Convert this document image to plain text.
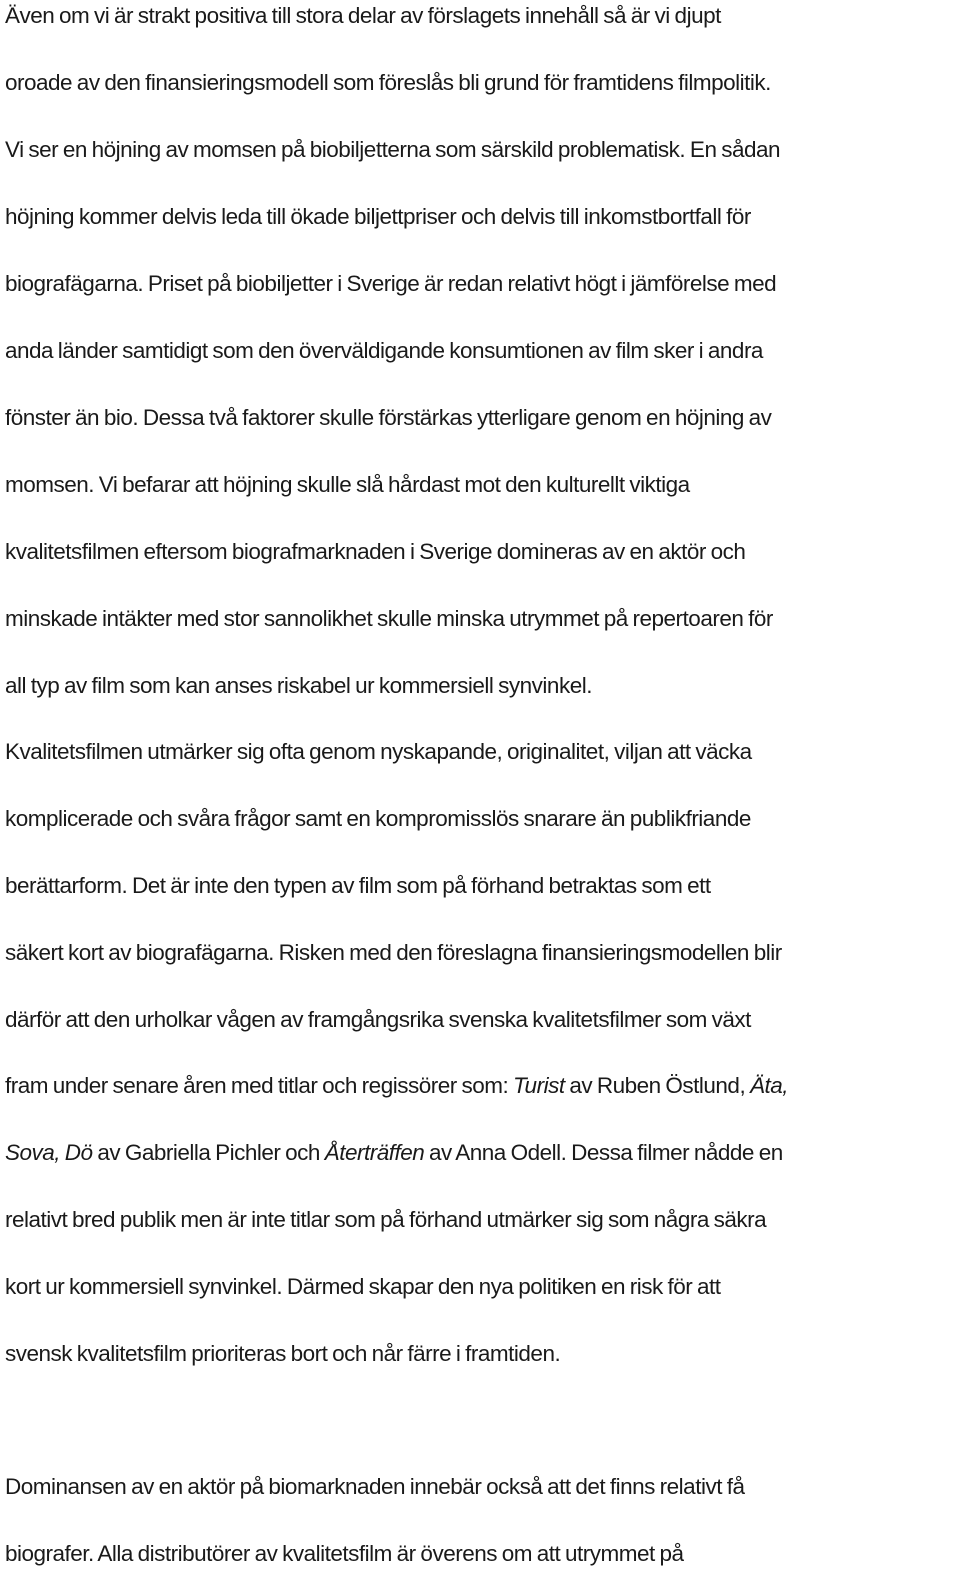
Även om vi är strakt positiva till stora delar av förslagets innehåll så är vi djupt
oroade av den finansieringsmodell som föreslås bli grund för framtidens filmpolitik.
Vi ser en höjning av momsen på biobiljetterna som särskild problematisk. En sådan
höjning kommer delvis leda till ökade biljettpriser och delvis till inkomstbortfall för
biografägarna. Priset på biobiljetter i Sverige är redan relativt högt i jämförelse med
anda länder samtidigt som den överväldigande konsumtionen av film sker i andra
fönster än bio. Dessa två faktorer skulle förstärkas ytterligare genom en höjning av
momsen. Vi befarar att höjning skulle slå hårdast mot den kulturellt viktiga
kvalitetsfilmen eftersom biografmarknaden i Sverige domineras av en aktör och
minskade intäkter med stor sannolikhet skulle minska utrymmet på repertoaren för
all typ av film som kan anses riskabel ur kommersiell synvinkel.
Kvalitetsfilmen utmärker sig ofta genom nyskapande, originalitet, viljan att väcka
komplicerade och svåra frågor samt en kompromisslös snarare än publikfriande
berättarform. Det är inte den typen av film som på förhand betraktas som ett
säkert kort av biografägarna. Risken med den föreslagna finansieringsmodellen blir
därför att den urholkar vågen av framgångsrika svenska kvalitetsfilmer som växt
fram under senare åren med titlar och regissörer som: Turist av Ruben Östlund, Äta,
Sova, Dö av Gabriella Pichler och Återträffen av Anna Odell. Dessa filmer nådde en
relativt bred publik men är inte titlar som på förhand utmärker sig som några säkra
kort ur kommersiell synvinkel. Därmed skapar den nya politiken en risk för att
svensk kvalitetsfilm prioriteras bort och når färre i framtiden.
Dominansen av en aktör på biomarknaden innebär också att det finns relativt få
biografer. Alla distributörer av kvalitetsfilm är överens om att utrymmet på
